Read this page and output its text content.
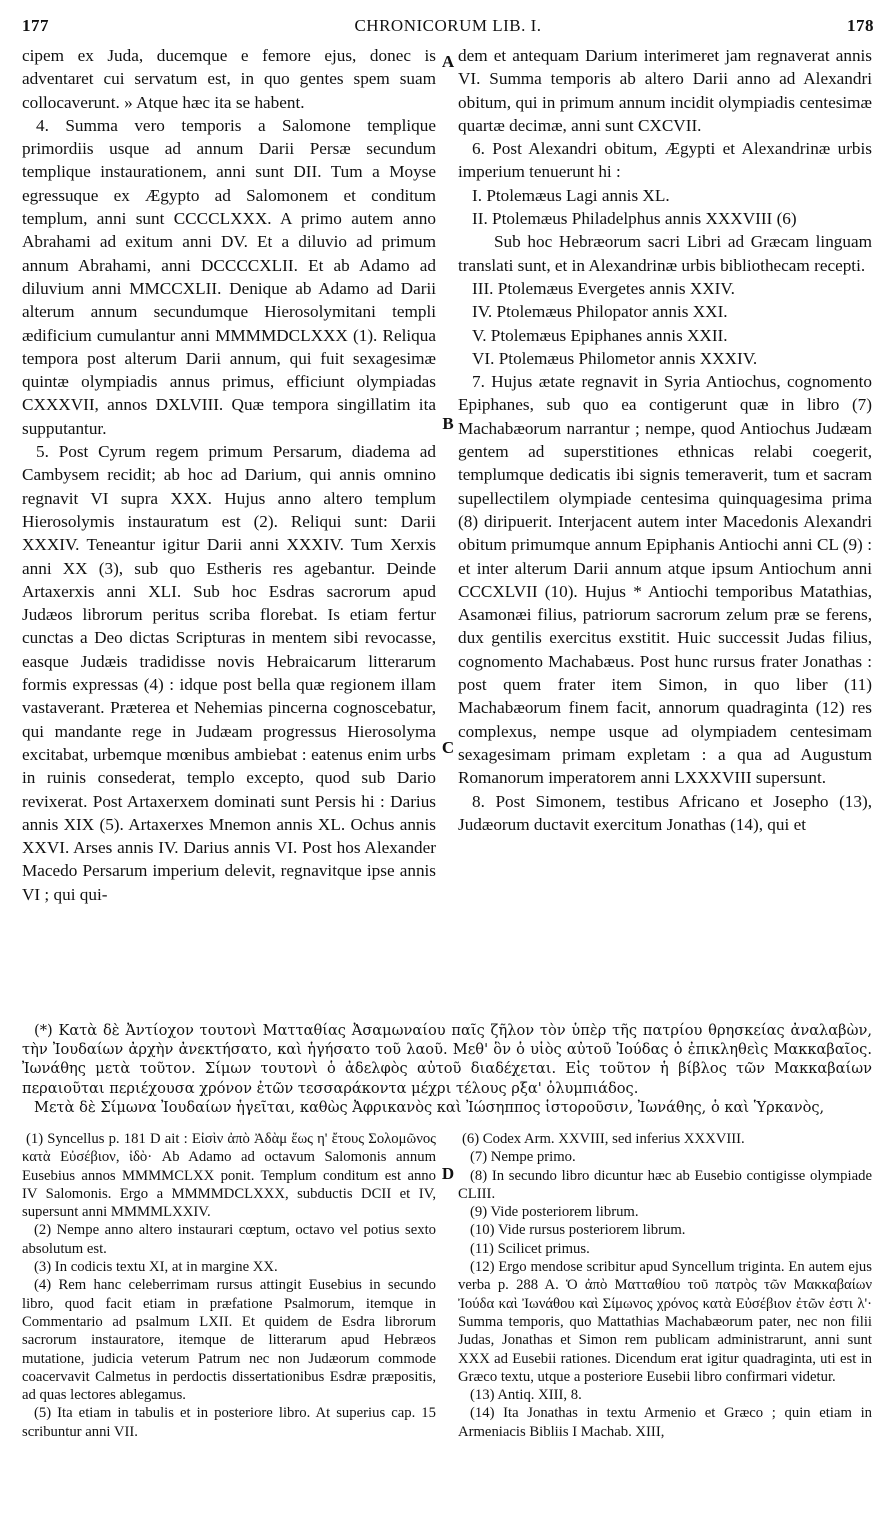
177	CHRONICORUM LIB. I.	178

cipem ex Juda, ducemque e femore ejus, donec is adventaret cui servatum est, in quo gentes spem suam collocaverunt. » Atque hæc ita se habent.

4. Summa vero temporis a Salomone templique primordiis usque ad annum Darii Persæ secundum templique instaurationem, anni sunt DII. Tum a Moyse egressuque ex Ægypto ad Salomonem et conditum templum, anni sunt CCCCLXXX. A primo autem anno Abrahami ad exitum anni DV. Et a diluvio ad primum annum Abrahami, anni DCCCCXLII. Et ab Adamo ad diluvium anni MMCCXLII. Denique ab Adamo ad Darii alterum annum secundumque Hierosolymitani templi ædificium cumulantur anni MMMMDCLXXX (1). Reliqua tempora post alterum Darii annum, qui fuit sexagesimæ quintæ olympiadis annus primus, efficiunt olympiadas CXXXVII, annos DXLVIII. Quæ tempora singillatim ita supputantur.

5. Post Cyrum regem primum Persarum, diadema ad Cambysem recidit; ab hoc ad Darium, qui annis omnino regnavit VI supra XXX. Hujus anno altero templum Hierosolymis instauratum est (2). Reliqui sunt: Darii XXXIV. Teneantur igitur Darii anni XXXIV. Tum Xerxis anni XX (3), sub quo Estheris res agebantur. Deinde Artaxerxis anni XLI. Sub hoc Esdras sacrorum apud Judæos librorum peritus scriba florebat. Is etiam fertur cunctas a Deo dictas Scripturas in mentem sibi revocasse, easque Judæis tradidisse novis Hebraicarum litterarum formis expressas (4) : idque post bella quæ regionem illam vastaverant. Præterea et Nehemias pincerna cognoscebatur, qui mandante rege in Judæam progressus Hierosolyma excitabat, urbemque mœnibus ambiebat : eatenus enim urbs in ruinis consederat, templo excepto, quod sub Dario revixerat. Post Artaxerxem dominati sunt Persis hi : Darius annis XIX (5). Artaxerxes Mnemon annis XL. Ochus annis XXVI. Arses annis IV. Darius annis VI. Post hos Alexander Macedo Persarum imperium delevit, regnavitque ipse annis VI ; qui qui-

A
B
C
D

dem et antequam Darium interimeret jam regnaverat annis VI. Summa temporis ab altero Darii anno ad Alexandri obitum, qui in primum annum incidit olympiadis centesimæ quartæ decimæ, anni sunt CXCVII.

6. Post Alexandri obitum, Ægypti et Alexandrinæ urbis imperium tenuerunt hi :

I. Ptolemæus Lagi annis XL.

II. Ptolemæus Philadelphus annis XXXVIII (6)

Sub hoc Hebræorum sacri Libri ad Græcam linguam translati sunt, et in Alexandrinæ urbis bibliothecam recepti.

III. Ptolemæus Evergetes annis XXIV.

IV. Ptolemæus Philopator annis XXI.

V. Ptolemæus Epiphanes annis XXII.

VI. Ptolemæus Philometor annis XXXIV.

7. Hujus ætate regnavit in Syria Antiochus, cognomento Epiphanes, sub quo ea contigerunt quæ in libro (7) Machabæorum narrantur ; nempe, quod Antiochus Judæam gentem ad superstitiones ethnicas relabi coegerit, templumque dedicatis ibi signis temeraverit, tum et sacram supellectilem olympiade centesima quinquagesima prima (8) diripuerit. Interjacent autem inter Macedonis Alexandri obitum primumque annum Epiphanis Antiochi anni CL (9) : et inter alterum Darii annum atque ipsum Antiochum anni CCCXLVII (10). Hujus * Antiochi temporibus Matathias, Asamonæi filius, patriorum sacrorum zelum præ se ferens, dux gentilis exercitus exstitit. Huic successit Judas filius, cognomento Machabæus. Post hunc rursus frater Jonathas : post quem frater item Simon, in quo liber (11) Machabæorum finem facit, annorum quadraginta (12) res complexus, nempe usque ad olympiadem centesimam sexagesimam primam expletam : a qua ad Augustum Romanorum imperatorem anni LXXXVIII supersunt.

8. Post Simonem, testibus Africano et Josepho (13), Judæorum ductavit exercitum Jonathas (14), qui et

(*) Κατὰ δὲ Ἀντίοχον τουτονὶ Ματταθίας Ἀσαμωναίου παῖς ζῆλον τὸν ὑπὲρ τῆς πατρίου θρησκείας ἀναλαβὼν, τὴν Ἰουδαίων ἀρχὴν ἀνεκτήσατο, καὶ ἡγήσατο τοῦ λαοῦ. Μεθ' ὃν ὁ υἱὸς αὐτοῦ Ἰούδας ὁ ἐπικληθεὶς Μακκαβαῖος. Ἰωνάθης μετὰ τοῦτον. Σίμων τουτονὶ ὁ ἀδελφὸς αὐτοῦ διαδέχεται. Εἰς τοῦτον ἡ βίβλος τῶν Μακκαβαίων περαιοῦται περιέχουσα χρόνον ἐτῶν τεσσαράκοντα μέχρι τέλους ρξα' ὀλυμπιάδος.

Μετὰ δὲ Σίμωνα Ἰουδαίων ἡγεῖται, καθὼς Ἀφρικανὸς καὶ Ἰώσηππος ἱστοροῦσιν, Ἰωνάθης, ὁ καὶ Ὑρκανὸς,

(1) Syncellus p. 181 D ait : Εἰσὶν ἀπὸ Ἀδὰμ ἕως η' ἔτους Σολομῶνος κατὰ Εὐσέβιον, ἰδὸ· Ab Adamo ad octavum Salomonis annum Eusebius annos MMMMCLXX ponit. Templum conditum est anno IV Salomonis. Ergo a MMMMDCLXXX, subductis DCII et IV, supersunt anni MMMMLXXIV.

(2) Nempe anno altero instaurari cœptum, octavo vel potius sexto absolutum est.

(3) In codicis textu XI, at in margine XX.

(4) Rem hanc celeberrimam rursus attingit Eusebius in secundo libro, quod facit etiam in præfatione Psalmorum, itemque in Commentario ad psalmum LXII. Et quidem de Esdra librorum sacrorum instauratore, itemque de litterarum apud Hebræos mutatione, judicia veterum Patrum nec non Judæorum commode coacervavit Calmetus in perdoctis dissertationibus Esdræ præpositis, ad quas lectores ablegamus.

(5) Ita etiam in tabulis et in posteriore libro. At superius cap. 15 scribuntur anni VII.

(6) Codex Arm. XXVIII, sed inferius XXXVIII.

(7) Nempe primo.

(8) In secundo libro dicuntur hæc ab Eusebio contigisse olympiade CLIII.

(9) Vide posteriorem librum.

(10) Vide rursus posteriorem librum.

(11) Scilicet primus.

(12) Ergo mendose scribitur apud Syncellum triginta. En autem ejus verba p. 288 A. Ὁ ἀπὸ Ματταθίου τοῦ πατρὸς τῶν Μακκαβαίων Ἰούδα καὶ Ἰωνάθου καὶ Σίμωνος χρόνος κατὰ Εὐσέβιον ἐτῶν ἐστι λ'· Summa temporis, quo Mattathias Machabæorum pater, nec non filii Judas, Jonathas et Simon rem publicam administrarunt, anni sunt XXX ad Eusebii rationes. Dicendum erat igitur quadraginta, uti est in Græco textu, utque a posteriore Eusebii libro confirmari videtur.

(13) Antiq. XIII, 8.

(14) Ita Jonathas in textu Armenio et Græco ; quin etiam in Armeniacis Bibliis I Machab. XIII,
